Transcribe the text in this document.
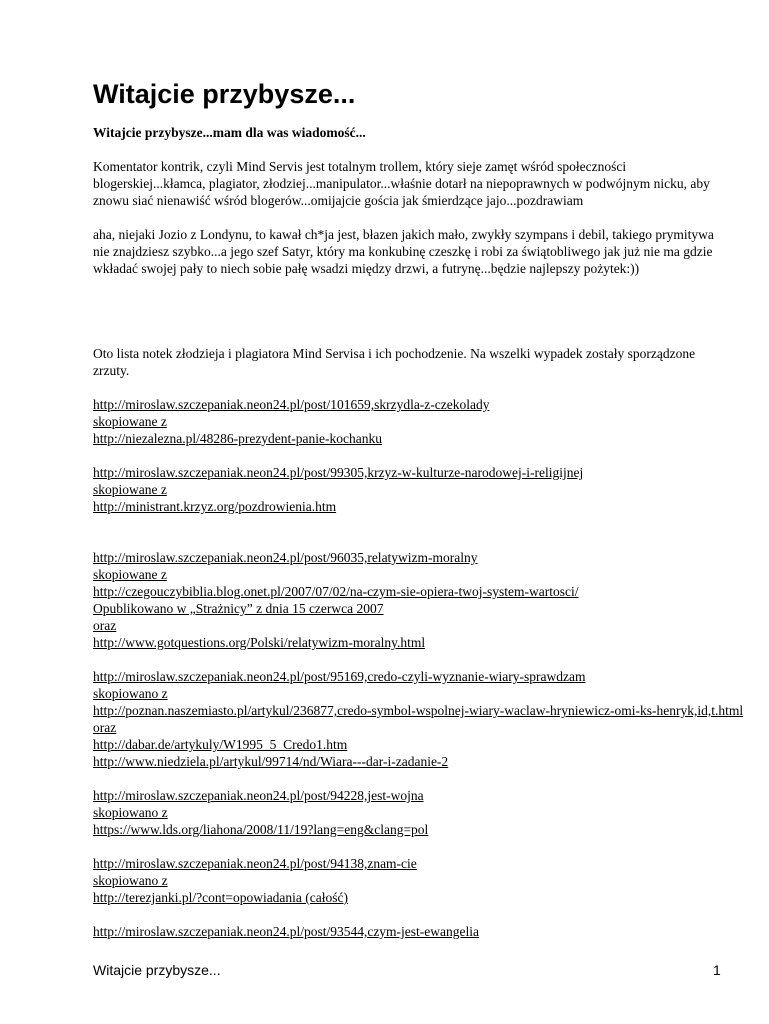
Witajcie przybysze...

Witajcie przybysze...mam dla was wiadomość...

Komentator kontrik, czyli Mind Servis jest totalnym trollem, który sieje zamęt wśród społeczności blogerskiej...kłamca, plagiator, złodziej...manipulator...właśnie dotarł na niepoprawnych w podwójnym nicku, aby znowu siać nienawiść wśród blogerów...omijajcie gościa jak śmierdzące jajo...pozdrawiam

aha, niejaki Jozio z Londynu, to kawał ch*ja jest, błazen jakich mało, zwykły szympans i debil, takiego prymitywa nie znajdziesz szybko...a jego szef Satyr, który ma konkubinę czeszkę i robi za świątobliwego jak już nie ma gdzie wkładać swojej pały to niech sobie pałę wsadzi między drzwi, a futrynę...będzie najlepszy pożytek:))

Oto lista notek złodzieja i plagiatora Mind Servisa i ich pochodzenie. Na wszelki wypadek zostały sporządzone zrzuty.

http://miroslaw.szczepaniak.neon24.pl/post/101659,skrzydla-z-czekolady
skopiowane z
http://niezalezna.pl/48286-prezydent-panie-kochanku
http://miroslaw.szczepaniak.neon24.pl/post/99305,krzyz-w-kulturze-narodowej-i-religijnej
skopiowane z
http://ministrant.krzyz.org/pozdrowienia.htm
http://miroslaw.szczepaniak.neon24.pl/post/96035,relatywizm-moralny
skopiowane z
http://czegouczybiblia.blog.onet.pl/2007/07/02/na-czym-sie-opiera-twoj-system-wartosci/
Opublikowano w „Strażnicy” z dnia 15 czerwca 2007
oraz
http://www.gotquestions.org/Polski/relatywizm-moralny.html
http://miroslaw.szczepaniak.neon24.pl/post/95169,credo-czyli-wyznanie-wiary-sprawdzam
skopiowano z
http://poznan.naszemiasto.pl/artykul/236877,credo-symbol-wspolnej-wiary-waclaw-hryniewicz-omi-ks-henryk,id,t.html
oraz
http://dabar.de/artykuly/W1995_5_Credo1.htm
http://www.niedziela.pl/artykul/99714/nd/Wiara---dar-i-zadanie-2
http://miroslaw.szczepaniak.neon24.pl/post/94228,jest-wojna
skopiowano z
https://www.lds.org/liahona/2008/11/19?lang=eng&clang=pol
http://miroslaw.szczepaniak.neon24.pl/post/94138,znam-cie
skopiowano z
http://terezjanki.pl/?cont=opowiadania (całość)
http://miroslaw.szczepaniak.neon24.pl/post/93544,czym-jest-ewangelia
Witajcie przybysze...	1
